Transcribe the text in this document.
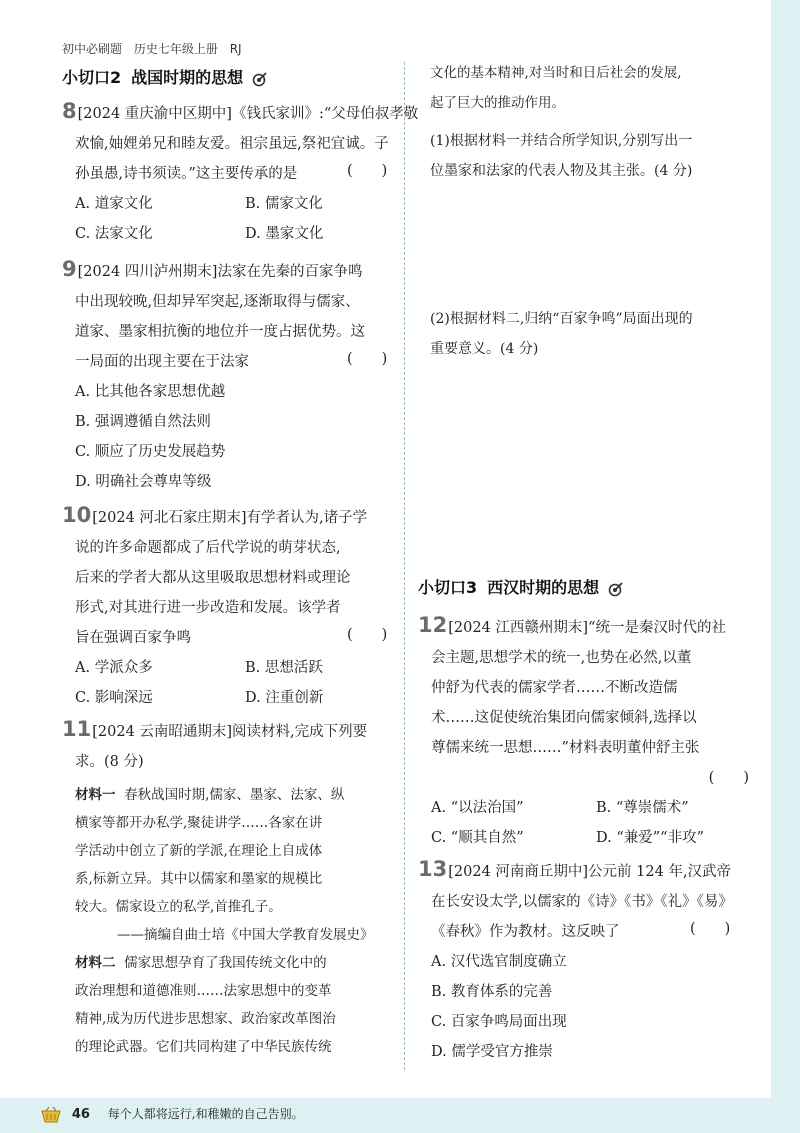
初中必刷题 历史七年级上册 RJ
小切口2 战国时期的思想
8[2024 重庆渝中区期中]《钱氏家训》:“父母伯叔孝敬
欢愉,妯娌弟兄和睦友爱。祖宗虽远,祭祀宜诚。子
孙虽愚,诗书须读。”这主要传承的是	(　　)
A. 道家文化	B. 儒家文化
C. 法家文化	D. 墨家文化
9[2024 四川泸州期末]法家在先秦的百家争鸣
中出现较晚,但却异军突起,逐渐取得与儒家、
道家、墨家相抗衡的地位并一度占据优势。这
一局面的出现主要在于法家	(　　)
A. 比其他各家思想优越
B. 强调遵循自然法则
C. 顺应了历史发展趋势
D. 明确社会尊卑等级
10[2024 河北石家庄期末]有学者认为,诸子学
说的许多命题都成了后代学说的萌芽状态,
后来的学者大都从这里吸取思想材料或理论
形式,对其进行进一步改造和发展。该学者
旨在强调百家争鸣	(　　)
A. 学派众多	B. 思想活跃
C. 影响深远	D. 注重创新
11[2024 云南昭通期末]阅读材料,完成下列要
求。(8 分)
材料一 春秋战国时期,儒家、墨家、法家、纵
横家等都开办私学,聚徒讲学……各家在讲
学活动中创立了新的学派,在理论上自成体
系,标新立异。其中以儒家和墨家的规模比
较大。儒家设立的私学,首推孔子。
——摘编自曲士培《中国大学教育发展史》
材料二 儒家思想孕育了我国传统文化中的
政治理想和道德准则……法家思想中的变革
精神,成为历代进步思想家、政治家改革图治
的理论武器。它们共同构建了中华民族传统
文化的基本精神,对当时和日后社会的发展,
起了巨大的推动作用。
(1)根据材料一并结合所学知识,分别写出一
位墨家和法家的代表人物及其主张。(4 分)
(2)根据材料二,归纳“百家争鸣”局面出现的
重要意义。(4 分)
小切口3 西汉时期的思想
12[2024 江西赣州期末]“统一是秦汉时代的社
会主题,思想学术的统一,也势在必然,以董
仲舒为代表的儒家学者……不断改造儒
术……这促使统治集团向儒家倾斜,选择以
尊儒来统一思想……”材料表明董仲舒主张
(　　)
A. “以法治国”	B. “尊崇儒术”
C. “顺其自然”	D. “兼爱”“非攻”
13[2024 河南商丘期中]公元前 124 年,汉武帝
在长安设太学,以儒家的《诗》《书》《礼》《易》
《春秋》作为教材。这反映了	(　　)
A. 汉代选官制度确立
B. 教育体系的完善
C. 百家争鸣局面出现
D. 儒学受官方推崇
46 每个人都将远行,和稚嫩的自己告别。
